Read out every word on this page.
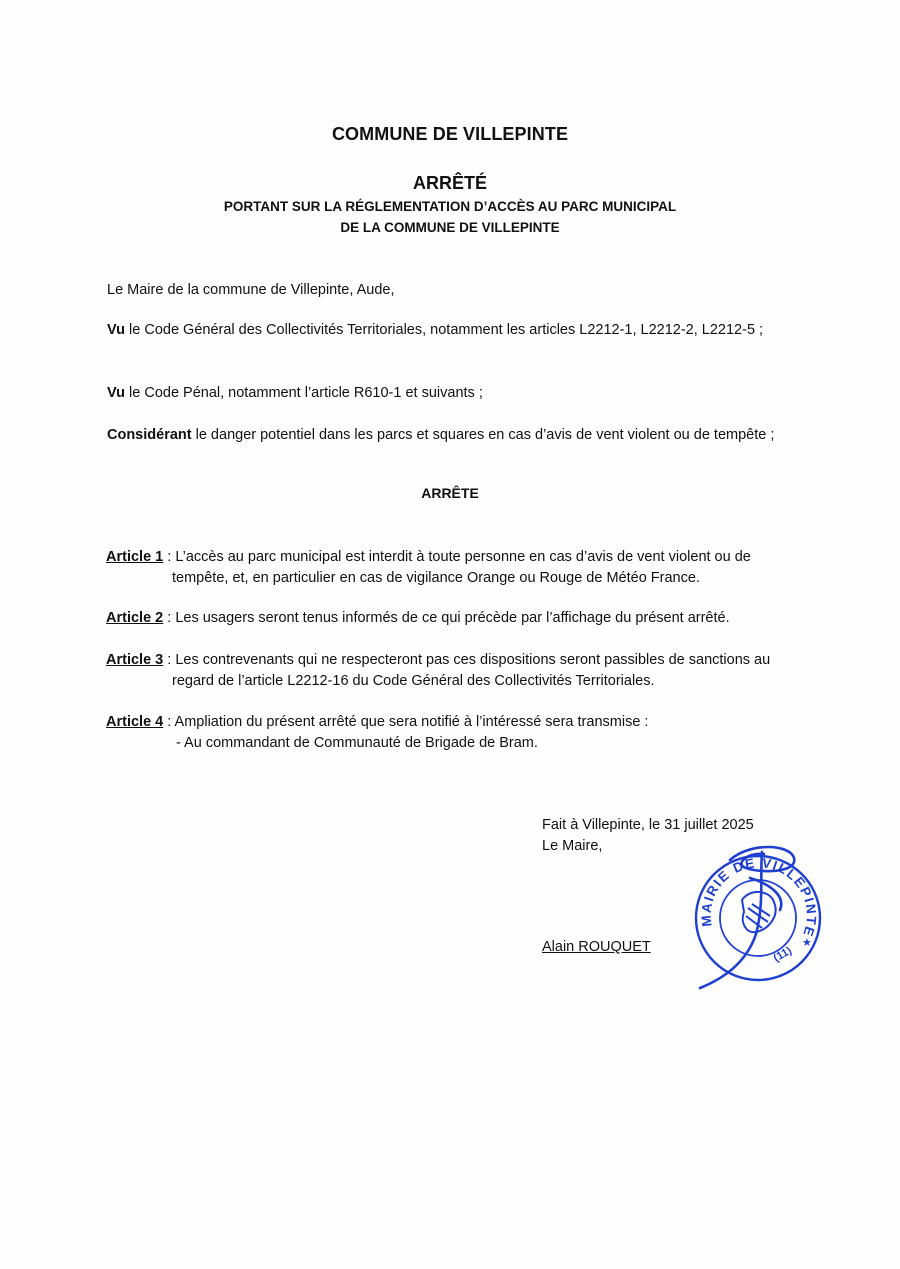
COMMUNE DE VILLEPINTE
ARRÊTÉ
PORTANT SUR LA RÉGLEMENTATION D’ACCÈS AU PARC MUNICIPAL
DE LA COMMUNE DE VILLEPINTE
Le Maire de la commune de Villepinte, Aude,
Vu le Code Général des Collectivités Territoriales, notamment les articles L2212-1, L2212-2, L2212-5 ;
Vu le Code Pénal, notamment l’article R610-1 et suivants ;
Considérant le danger potentiel dans les parcs et squares en cas d’avis de vent violent ou de tempête ;
ARRÊTE
Article 1 : L’accès au parc municipal est interdit à toute personne en cas d’avis de vent violent ou de
tempête, et, en particulier en cas de vigilance Orange ou Rouge de Météo France.
Article 2 : Les usagers seront tenus informés de ce qui précède par l’affichage du présent arrêté.
Article 3 : Les contrevenants qui ne respecteront pas ces dispositions seront passibles de sanctions au
regard de l’article L2212-16 du Code Général des Collectivités Territoriales.
Article 4 : Ampliation du présent arrêté que sera notifié à l’intéressé sera transmise :
- Au commandant de Communauté de Brigade de Bram.
Fait à Villepinte, le 31 juillet 2025
Le Maire,
Alain ROUQUET
MAIRIE DE VILLEPINTE
(11)
★
